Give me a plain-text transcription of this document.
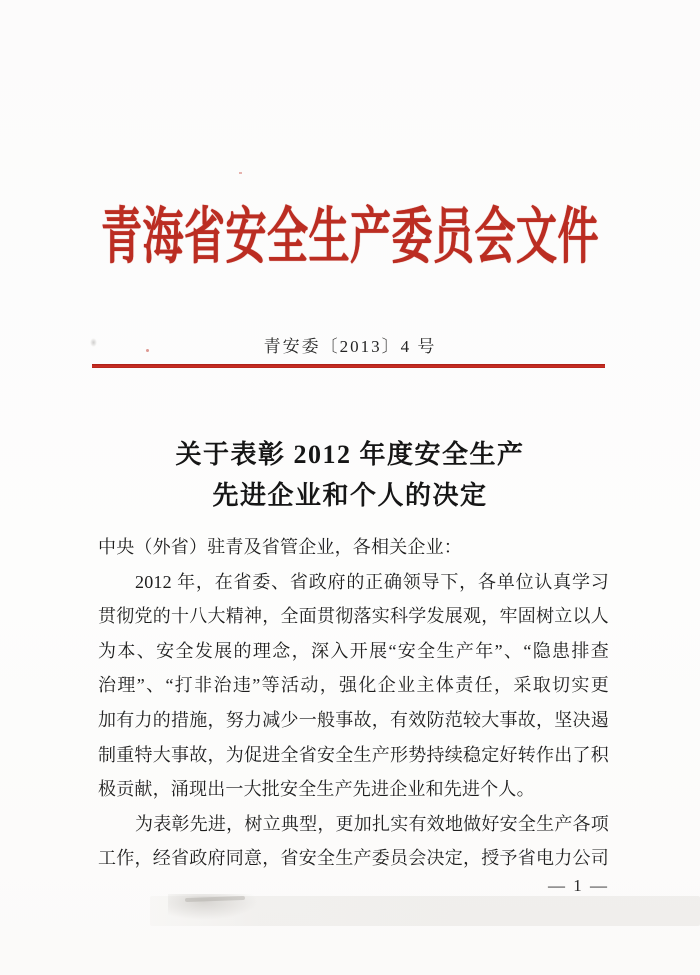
青海省安全生产委员会文件
青安委〔2013〕4 号
关于表彰 2012 年度安全生产
先进企业和个人的决定
中央（外省）驻青及省管企业，各相关企业：
2012 年，在省委、省政府的正确领导下，各单位认真学习
贯彻党的十八大精神，全面贯彻落实科学发展观，牢固树立以人
为本、安全发展的理念，深入开展“安全生产年”、“隐患排查
治理”、“打非治违”等活动，强化企业主体责任，采取切实更
加有力的措施，努力减少一般事故，有效防范较大事故，坚决遏
制重特大事故，为促进全省安全生产形势持续稳定好转作出了积
极贡献，涌现出一大批安全生产先进企业和先进个人。
为表彰先进，树立典型，更加扎实有效地做好安全生产各项
工作，经省政府同意，省安全生产委员会决定，授予省电力公司
— 1 —
